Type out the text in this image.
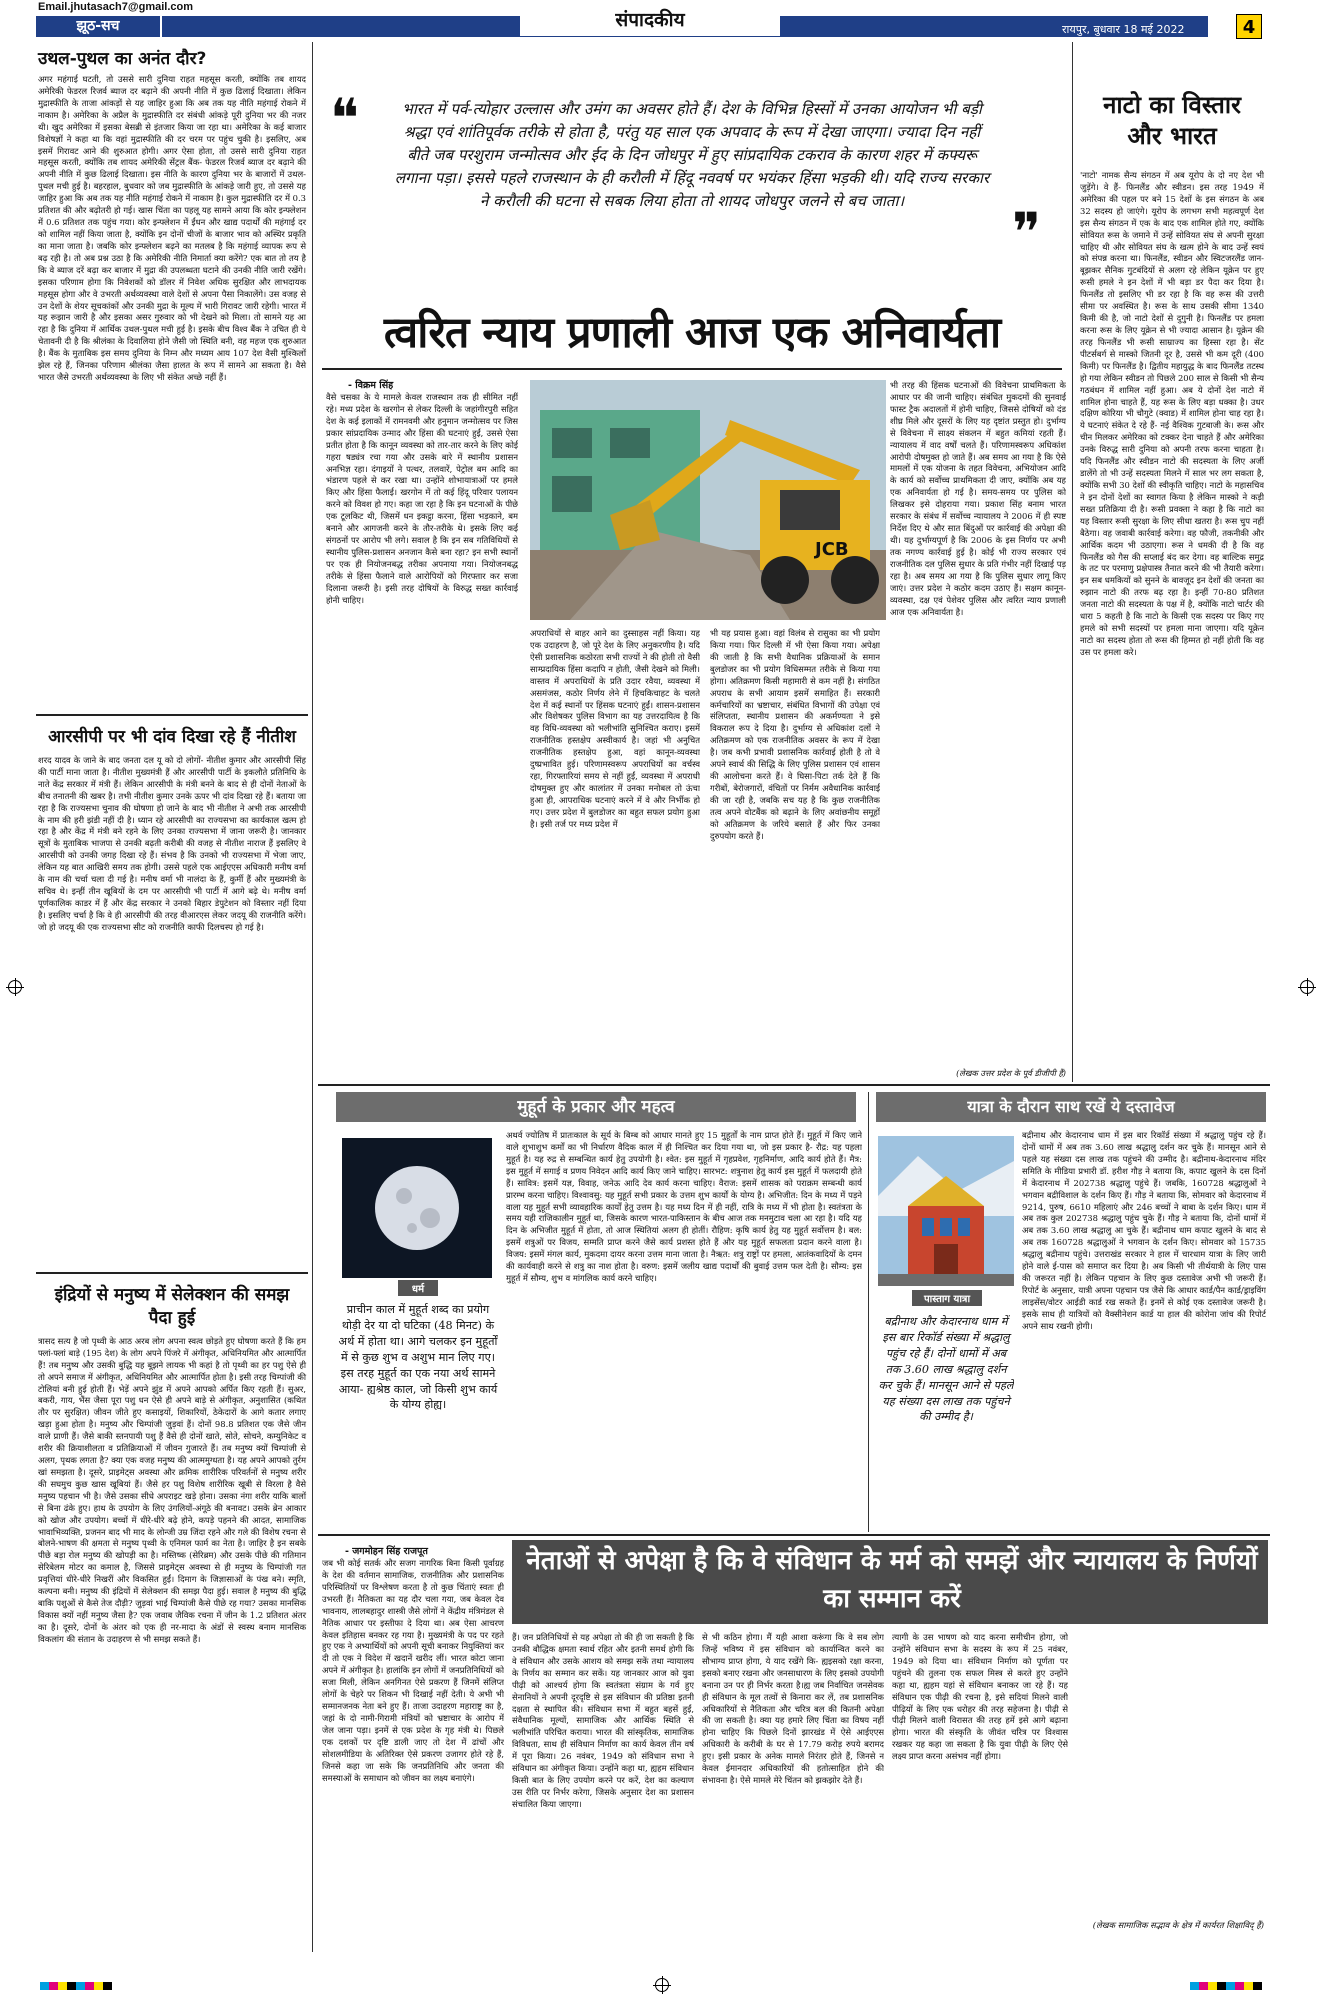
Email.jhutasach7@gmail.com
झूठ-सच	संपादकीय	रायपुर, बुधवार 18 मई 2022	4
उथल-पुथल का अनंत दौर?
अगर महंगाई घटती, तो उससे सारी दुनिया राहत महसूस करती, क्योंकि तब शायद अमेरिकी फेडरल रिजर्व ब्याज दर बढ़ाने की अपनी नीति में कुछ ढिलाई दिखाता। लेकिन मुद्रास्फीति के ताजा आंकड़ों से यह जाहिर हुआ कि अब तक यह नीति महंगाई रोकने में नाकाम है। अमेरिका के अप्रैल के मुद्रास्फीति दर संबंधी आंकड़े पूरी दुनिया भर की नजर थी। खुद अमेरिका में इसका बेसब्री से इंतजार किया जा रहा था। अमेरिका के कई बाजार विशेषज्ञों ने कहा था कि वहां मुद्रास्फीति की दर चरम पर पहुंच चुकी है। इसलिए, अब इसमें गिरावट आने की शुरुआत होगी। अगर ऐसा होता, तो उससे सारी दुनिया राहत महसूस करती, क्योंकि तब शायद अमेरिकी सेंट्रल बैंक- फेडरल रिजर्व ब्याज दर बढ़ाने की अपनी नीति में कुछ ढिलाई दिखाता। इस नीति के कारण दुनिया भर के बाजारों में उथल-पुथल मची हुई है। बहरहाल, बुधवार को जब मुद्रास्फीति के आंकड़े जारी हुए, तो उससे यह जाहिर हुआ कि अब तक यह नीति महंगाई रोकने में नाकाम है। कुल मुद्रास्फीति दर में 0.3 प्रतिशत की और बढ़ोतरी हो गई। खास चिंता का पहलू यह सामने आया कि कोर इन्फ्लेशन में 0.6 प्रतिशत तक पहुंच गया। कोर इन्फ्लेशन में ईंधन और खाद्य पदार्थों की महंगाई दर को शामिल नहीं किया जाता है, क्योंकि इन दोनों चीजों के बाजार भाव को अस्थिर प्रकृति का माना जाता है। जबकि कोर इन्फ्लेशन बढ़ने का मतलब है कि महंगाई व्यापक रूप से बढ़ रही है। तो अब प्रश्न उठा है कि अमेरिकी नीति निमार्ता क्या करेंगे? एक बात तो तय है कि वे ब्याज दरें बढ़ा कर बाजार में मुद्रा की उपलब्धता घटाने की उनकी नीति जारी रखेंगे। इसका परिणाम होगा कि निवेशकों को डॉलर में निवेश अधिक सुरक्षित और लाभदायक महसूस होगा और वे उभरती अर्थव्यवस्था वाले देशों से अपना पैसा निकालेंगे। उस वजह से उन देशों के शेयर सूचकांकों और उनकी मुद्रा के मूल्य में भारी गिरावट जारी रहेगी। भारत में यह रूझान जारी है और इसका असर गुरुवार को भी देखने को मिला। तो सामने यह आ रहा है कि दुनिया में आर्थिक उथल-पुथल मची हुई है। इसके बीच विश्व बैंक ने उचित ही ये चेतावनी दी है कि श्रीलंका के दिवालिया होने जैसी जो स्थिति बनी, वह महज एक शुरुआत है। बैंक के मुताबिक इस समय दुनिया के निम्न और मध्यम आय 107 देश वैसी मुश्किलों झेल रहे हैं, जिनका परिणाम श्रीलंका जैसा हालत के रूप में सामने आ सकता है। वैसे भारत जैसे उभरती अर्थव्यवस्था के लिए भी संकेत अच्छे नहीं हैं।
आरसीपी पर भी दांव दिखा रहे हैं नीतीश
शरद यादव के जाने के बाद जनता दल यू को दो लोगों- नीतीश कुमार और आरसीपी सिंह की पार्टी माना जाता है। नीतीश मुख्यमंत्री हैं और आरसीपी पार्टी के इकलौते प्रतिनिधि के नाते केंद्र सरकार में मंत्री हैं। लेकिन आरसीपी के मंत्री बनने के बाद से ही दोनों नेताओं के बीच तनातनी की खबर है। तभी नीतीश कुमार उनके ऊपर भी दांव दिखा रहे हैं। बताया जा रहा है कि राज्यसभा चुनाव की घोषणा हो जाने के बाद भी नीतीश ने अभी तक आरसीपी के नाम की हरी झंडी नहीं दी है। ध्यान रहे आरसीपी का राज्यसभा का कार्यकाल खत्म हो रहा है और केंद्र में मंत्री बने रहने के लिए उनका राज्यसभा में जाना जरूरी है। जानकार सूत्रों के मुताबिक भाजपा से उनकी बढ़ती करीबी की वजह से नीतीश नाराज हैं इसलिए वे आरसीपी को उनकी जगह दिखा रहे हैं। संभव है कि उनको भी राज्यसभा में भेजा जाए, लेकिन यह बात आखिरी समय तक होगी। उससे पहले एक आईएएस अधिकारी मनीष वर्मा के नाम की चर्चा चला दी गई है। मनीष वर्मा भी नालंदा के हैं, कुर्मी हैं और मुख्यमंत्री के सचिव थे। इन्हीं तीन खूबियों के दम पर आरसीपी भी पार्टी में आगे बढ़े थे। मनीष वर्मा पूर्णकालिक काडर में हैं और केंद्र सरकार ने उनको बिहार डेपुटेशन को विस्तार नहीं दिया है। इसलिए चर्चा है कि वे ही आरसीपी की तरह वीआरएस लेकर जदयू की राजनीति करेंगे। जो हो जदयू की एक राज्यसभा सीट को राजनीति काफी दिलचस्प हो गई है।
इंद्रियों से मनुष्य में सेलेक्शन की समझ पैदा हुई
त्रासद सत्य है जो पृथ्वी के आठ अरब लोग अपना स्वत्व छोड़ते हुए घोषणा करते हैं कि हम फ्लां-फ्लां बाड़े (195 देश) के लोग अपने पिंजरे में अंगीकृत, अधिनियमित और आत्मार्पित हैं! तब मनुष्य और उसकी बुद्धि यह बूझने लायक भी कहां है तो पृथ्वी का हर पशु ऐसे ही तो अपने समाज में अंगीकृत, अधिनियमित और आत्मार्पित होता है। इसी तरह चिम्पांजी की टोलियां बनी हुई होती हैं। भेड़ें अपने झुंड में अपने आपको अर्पित किए रहती हैं। सुअर, बकरी, गाय, भैंस जैसा पूरा पशु धन ऐसे ही अपने बाड़े से अंगीकृत, अनुशासित (कथित तौर पर सुरक्षित) जीवन जीते हुए कसाइयों, शिकारियों, ठेकेदारों के आगे कतार लगाए खड़ा हुआ होता है। मनुष्य और चिम्पांजी जुड़वां हैं। दोनों 98.8 प्रतिशत एक जैसे जीन वाले प्राणी हैं। जैसे बाकी स्तनपायी पशु हैं वैसे ही दोनों खाते, सोते, सोचने, कम्युनिकेट व शरीर की क्रियाशीलता व प्रतिक्रियाओं में जीवन गुजारते हैं। तब मनुष्य क्यों चिम्पांजी से अलग, पृथक लगता है? क्या एक वजह मनुष्य की आत्ममुग्धता है। यह अपने आपको तुर्रम खां समझता है। दूसरे, प्राइमेट्स अवस्था और क्रमिक शारीरिक परिवर्तनों से मनुष्य शरीर की सघमुच कुछ खास खूबियां हैं। जैसे हर पशु विशेष शारीरिक खूबी से विरला है वैसे मनुष्य पहचान भी है। जैसे उसका सीधे अपराइट खड़े होना। उसका नंगा शरीर याकि बालों से बिना ढंके हुए। हाथ के उपयोग के लिए उंगलियों-अंगूठे की बनावट। उसके ब्रेन आकार को खोज और उपयोग। बच्चों में धीरे-धीरे बढ़े होने, कपड़े पहनने की आदत, सामाजिक भावाभिव्यक्ति, प्रजनन बाद भी माद के लोन्जी उम्र जिंदा रहने और गले की विशेष रचना से बोलने-भाषण की क्षमता से मनुष्य पृथ्वी के एनिमल फार्म का नेता है। जाहिर है इन सबके पीछे बड़ा रोल मनुष्य की खोपड़ी का है। मस्तिष्क (सेरिब्रम) और उसके पीछे की गतिमान सेरिबेलम मोटर का कमाल है, जिससे प्राइमेट्स अवस्था से ही मनुष्य के चिम्पांजी गत प्रवृत्तियां धीरे-धीरे निखरीं और विकसित हुईं। दिमाग के जिज्ञासाओं के पंख बने। स्मृति, कल्पना बनी। मनुष्य की इंद्रियों में सेलेक्शन की समझ पैदा हुई। सवाल है मनुष्य की बुद्धि बाकि पशुओं से कैसे तेज दौड़ी? जुड़वां भाई चिम्पांजी कैसे पीछे रह गया? उसका मानसिक विकास क्यों नहीं मनुष्य जैसा है? एक जवाब जैविक रचना में जीन के 1.2 प्रतिशत अंतर का है। दूसरे, दोनों के अंतर को एक ही नर-मादा के अंडों से स्वस्थ बनाम मानसिक विकलांग की संतान के उदाहरण से भी समझ सकते हैं।
❝	भारत में पर्व-त्योहार उल्लास और उमंग का अवसर होते हैं। देश के विभिन्न हिस्सों में उनका आयोजन भी बड़ी श्रद्धा एवं शांतिपूर्वक तरीके से होता है, परंतु यह साल एक अपवाद के रूप में देखा जाएगा। ज्यादा दिन नहीं बीते जब परशुराम जन्मोत्सव और ईद के दिन जोधपुर में हुए सांप्रदायिक टकराव के कारण शहर में कफ्यरू लगाना पड़ा। इससे पहले राजस्थान के ही करौली में हिंदू नववर्ष पर भयंकर हिंसा भड़की थी। यदि राज्य सरकार ने करौली की घटना से सबक लिया होता तो शायद जोधपुर जलने से बच जाता।	❞
नाटो का विस्तार और भारत
'नाटो' नामक सैन्य संगठन में अब यूरोप के दो नए देश भी जुड़ेंगे। वे हैं- फिनलैंड और स्वीडन। इस तरह 1949 में अमेरिका की पहल पर बने 15 देशों के इस संगठन के अब 32 सदस्य हो जाएंगे। यूरोप के लगभग सभी महत्वपूर्ण देश इस सैन्य संगठन में एक के बाद एक शामिल होते गए, क्योंकि सोवियत रूस के जमाने में उन्हें सोवियत संघ से अपनी सुरक्षा चाहिए थी और सोवियत संघ के खत्म होने के बाद उन्हें स्वयं को संपन्न करना था। फिनलैंड, स्वीडन और स्विटजरलैंड जान-बूझकर सैनिक गुटबंदियों से अलग रहे लेकिन यूक्रेन पर हुए रूसी हमले ने इन देशों में भी बड़ा डर पैदा कर दिया है। फिनलैंड तो इसलिए भी डर रहा है कि वह रूस की उत्तरी सीमा पर अवस्थित है। रूस के साथ उसकी सीमा 1340 किमी की है, जो नाटो देशों से दुगुनी है। फिनलैंड पर हमला करना रूस के लिए यूक्रेन से भी ज्यादा आसान है। यूक्रेन की तरह फिनलैंड भी रूसी साम्राज्य का हिस्सा रहा है। सेंट पीटर्सबर्ग से मास्को जितनी दूर है, उससे भी कम दूरी (400 किमी) पर फिनलैंड है। द्वितीय महायुद्ध के बाद फिनलैंड तटस्थ हो गया लेकिन स्वीडन तो पिछले 200 साल से किसी भी सैन्य गठबंधन में शामिल नहीं हुआ। अब ये दोनों देश नाटो में शामिल होना चाहते हैं, यह रूस के लिए बड़ा धक्का है। उधर दक्षिण कोरिया भी चौगुटे (क्वाड) में शामिल होना चाह रहा है। ये घटनाएं संकेत दे रहे हैं- नई वैश्विक गुटबाजी के। रूस और चीन मिलकर अमेरिका को टक्कर देना चाहते हैं और अमेरिका उनके विरुद्ध सारी दुनिया को अपनी तरफ करना चाहता है। यदि फिनलैंड और स्वीडन नाटो की सदस्यता के लिए अर्जी डालेंगे तो भी उन्हें सदस्यता मिलने में साल भर लग सकता है, क्योंकि सभी 30 देशों की स्वीकृति चाहिए। नाटो के महासचिव ने इन दोनों देशों का स्वागत किया है लेकिन मास्को ने कड़ी सख्त प्रतिक्रिया दी है। रूसी प्रवक्ता ने कहा है कि नाटो का यह विस्तार रूसी सुरक्षा के लिए सीधा खतरा है। रूस चुप नहीं बैठेगा। वह जवाबी कार्रवाई करेगा। वह फौजी, तकनीकी और आर्थिक कदम भी उठाएगा। रूस ने धमकी दी है कि वह फिनलैंड को गैस की सप्लाई बंद कर देगा। वह बाल्टिक समुद्र के तट पर परमाणु प्रक्षेपास्त्र तैनात करने की भी तैयारी करेगा। इन सब धमकियों को सुनने के बावजूद इन देशों की जनता का रुझान नाटो की तरफ बढ़ रहा है। इन्हीं 70-80 प्रतिशत जनता नाटो की सदस्यता के पक्ष में है, क्योंकि नाटो चार्टर की धारा 5 कहती है कि नाटो के किसी एक सदस्य पर किए गए हमले को सभी सदस्यों पर हमला माना जाएगा। यदि यूक्रेन नाटो का सदस्य होता तो रूस की हिम्मत हो नहीं होती कि वह उस पर हमला करे।
त्वरित न्याय प्रणाली आज एक अनिवार्यता
- विक्रम सिंह
वैसे चसका के ये मामले केवल राजस्थान तक ही सीमित नहीं रहे। मध्य प्रदेश के खरगोन से लेकर दिल्ली के जहांगीरपुरी सहित देश के कई इलाकों में रामनवमी और हनुमान जन्मोत्सव पर जिस प्रकार सांप्रदायिक उन्माद और हिंसा की घटनाएं हुईं, उससे ऐसा प्रतीत होता है कि कानून व्यवस्था को तार-तार करने के लिए कोई गहरा षड्यंत्र रचा गया और उसके बारे में स्थानीय प्रशासन अनभिज्ञ रहा। दंगाइयों ने पत्थर, तलवारें, पेट्रोल बम आदि का भंडारण पहले से कर रखा था। उन्होंने शोभायात्राओं पर हमले किए और हिंसा फैलाई। खरगोन में तो कई हिंदू परिवार पलायन करने को विवश हो गए। कहा जा रहा है कि इन घटनाओं के पीछे एक टूलकिट थी, जिसमें धन इकट्ठा करना, हिंसा भड़काने, बम बनाने और आगजनी करने के तौर-तरीके थे। इसके लिए कई संगठनों पर आरोप भी लगे। सवाल है कि इन सब गतिविधियों से स्थानीय पुलिस-प्रशासन अनजान कैसे बना रहा? इन सभी स्थानों पर एक ही नियोजनबद्ध तरीका अपनाया गया। नियोजनबद्ध तरीके से हिंसा फैलाने वाले आरोपियों को गिरफ्तार कर सजा दिलाना जरूरी है। इसी तरह दोषियों के विरुद्ध सख्त कार्रवाई होनी चाहिए।
JCB
अपराधियों से बाहर आने का दुस्साहस नहीं किया। यह एक उदाहरण है, जो पूरे देश के लिए अनुकरणीय है। यदि ऐसी प्रशासनिक कठोरता सभी राज्यों ने की होती तो वैसी साम्प्रदायिक हिंसा कदापि न होती, जैसी देखने को मिली। वास्तव में अपराधियों के प्रति उदार रवैया, व्यवस्था में असमंजस, कठोर निर्णय लेने में हिचकिचाहट के चलते देश में कई स्थानों पर हिंसक घटनाएं हुईं। शासन-प्रशासन और विशेषकर पुलिस विभाग का यह उत्तरदायित्व है कि वह विधि-व्यवस्था को भलीभांति सुनिश्चित कराए। इसमें राजनीतिक हस्तक्षेप अस्वीकार्य है। जहां भी अनुचित राजनीतिक हस्तक्षेप हुआ, वहां कानून-व्यवस्था दुष्प्रभावित हुई। परिणामस्वरूप अपराधियों का वर्चस्व रहा, गिरफ्तारियां समय से नहीं हुईं, व्यवस्था में अपराधी दोषमुक्त हुए और कालांतर में उनका मनोबल तो ऊंचा हुआ ही, आपराधिक घटनाएं करने में वे और निर्भीक हो गए। उत्तर प्रदेश में बुलडोजर का बहुत सफल प्रयोग हुआ है। इसी तर्ज पर मध्य प्रदेश में
भी यह प्रयास हुआ। वहां विलंब से रासुका का भी प्रयोग किया गया। फिर दिल्ली में भी ऐसा किया गया। अपेक्षा की जाती है कि सभी वैधानिक प्रक्रियाओं के समान बुलडोजर का भी प्रयोग विधिसम्मत तरीके से किया गया होगा। अतिक्रमण किसी महामारी से कम नहीं है। संगठित अपराध के सभी आयाम इसमें समाहित हैं। सरकारी कर्मचारियों का भ्रष्टाचार, संबंधित विभागों की उपेक्षा एवं संलिप्तता, स्थानीय प्रशासन की अकर्मण्यता ने इसे विकराल रूप दे दिया है। दुर्भाग्य से अधिकांश दलों ने अतिक्रमण को एक राजनीतिक अवसर के रूप में देखा है। जब कभी प्रभावी प्रशासनिक कार्रवाई होती है तो वे अपने स्वार्थ की सिद्धि के लिए पुलिस प्रशासन एवं शासन की आलोचना करते हैं। वे घिसा-पिटा तर्क देते हैं कि गरीबों, बेरोजगारों, वंचितों पर निर्मम अवैधानिक कार्रवाई की जा रही है, जबकि सच यह है कि कुछ राजनीतिक तत्व अपने वोटबैंक को बढ़ाने के लिए अवांछनीय समूहों को अतिक्रमण के जरिये बसाते हैं और फिर उनका दुरुपयोग करते हैं।
भी तरह की हिंसक घटनाओं की विवेचना प्राथमिकता के आधार पर की जानी चाहिए। संबंधित मुकदमों की सुनवाई फास्ट ट्रैक अदालतों में होनी चाहिए, जिससे दोषियों को दंड शीघ्र मिले और दूसरों के लिए यह दृष्टांत प्रस्तुत हो। दुर्भाग्य से विवेचना में साक्ष्य संकलन में बहुत कमियां रहती हैं। न्यायालय में वाद वर्षों चलते हैं। परिणामस्वरूप अधिकांश आरोपी दोषमुक्त हो जाते हैं। अब समय आ गया है कि ऐसे मामलों में एक योजना के तहत विवेचना, अभियोजन आदि के कार्य को सर्वोच्च प्राथमिकता दी जाए, क्योंकि अब यह एक अनिवार्यता हो गई है। समय-समय पर पुलिस को लिखकर इसे दोहराया गया। प्रकाश सिंह बनाम भारत सरकार के संबंध में सर्वोच्च न्यायालय ने 2006 में ही स्पष्ट निर्देश दिए थे और सात बिंदुओं पर कार्रवाई की अपेक्षा की थी। यह दुर्भाग्यपूर्ण है कि 2006 के इस निर्णय पर अभी तक नगण्य कार्रवाई हुई है। कोई भी राज्य सरकार एवं राजनीतिक दल पुलिस सुधार के प्रति गंभीर नहीं दिखाई पड़ रहा है। अब समय आ गया है कि पुलिस सुधार लागू किए जाएं। उत्तर प्रदेश ने कठोर कदम उठाए हैं। सक्षम कानून-व्यवस्था, दक्ष एवं पेशेवर पुलिस और त्वरित न्याय प्रणाली आज एक अनिवार्यता है।
(लेखक उत्तर प्रदेश के पूर्व डीजीपी हैं)
मुहूर्त के प्रकार और महत्व
धर्म
प्राचीन काल में मुहूर्त शब्द का प्रयोग थोड़ी देर या दो घटिका (48 मिनट) के अर्थ में होता था। आगे चलकर इन मुहूर्तों में से कुछ शुभ व अशुभ मान लिए गए। इस तरह मुहूर्त का एक नया अर्थ सामने आया- ह्यश्रेष्ठ काल, जो किसी शुभ कार्य के योग्य होह्य।
अथर्व ज्योतिष में प्रातःकाल के सूर्य के बिम्ब को आधार मानते हुए 15 मुहूर्तों के नाम प्राप्त होते हैं। मुहूर्त में किए जाने वाले शुभाशुभ कर्मों का भी निर्धारण वैदिक काल में ही निश्चित कर दिया गया था, जो इस प्रकार है- रौद्र: यह पहला मुहूर्त है। यह रुद्र से सम्बन्धित कार्य हेतु उपयोगी है। श्वेत: इस मुहूर्त में गृहप्रवेश, गृहनिर्माण, आदि कार्य होते हैं। मैत्र: इस मुहूर्त में सगाई व प्रणय निवेदन आदि कार्य किए जाने चाहिए। सारभट: शत्रुनाश हेतु कार्य इस मुहूर्त में फलदायी होते हैं। सावित्र: इसमें यज्ञ, विवाह, जनेऊ आदि देव कार्य करना चाहिए। वैराज: इसमें शासक को पराक्रम सम्बन्धी कार्य प्रारम्भ करना चाहिए। विश्वावसु: यह मुहूर्त सभी प्रकार के उत्तम शुभ कार्यों के योग्य है। अभिजीत: दिन के मध्य में पड़ने वाला यह मुहूर्त सभी व्यावहारिक कार्यों हेतु उत्तम है। यह मध्य दिन में ही नहीं, रात्रि के मध्य में भी होता है। स्वतंत्रता के समय यही राजिकालीन मुहूर्त था, जिसके कारण भारत-पाकिस्तान के बीच आज तक मनमुटाव चला आ रहा है। यदि यह दिन के अभिजीत मुहूर्त में होता, तो आज स्थितियां अलग ही होतीं। रौहिण: कृषि कार्य हेतु यह मुहूर्त सर्वोत्तम है। बल: इसमें शत्रुओं पर विजय, सम्मति प्राप्त करने जैसे कार्य प्रशस्त होते हैं और यह मुहूर्त सफलता प्रदान करने वाला है। विजय: इसमें मंगल कार्य, मुकदमा दायर करना उत्तम माना जाता है। नैऋत: शत्रु राष्ट्रों पर हमला, आतंकवादियों के दमन की कार्यवाही करने से शत्रु का नाश होता है। वरुण: इसमें जलीय खाद्य पदार्थों की बुवाई उत्तम फल देती है। सौम्य: इस मुहूर्त में सौम्य, शुभ व मांगलिक कार्य करने चाहिए।
यात्रा के दौरान साथ रखें ये दस्तावेज
पास्ताग यात्रा
बद्रीनाथ और केदारनाथ धाम में इस बार रिकॉर्ड संख्या में श्रद्धालु पहुंच रहे हैं। दोनों धामों में अब तक 3.60 लाख श्रद्धालु दर्शन कर चुके हैं। मानसून आने से पहले यह संख्या दस लाख तक पहुंचने की उम्मीद है।
बद्रीनाथ और केदारनाथ धाम में इस बार रिकॉर्ड संख्या में श्रद्धालु पहुंच रहे हैं। दोनों धामों में अब तक 3.60 लाख श्रद्धालु दर्शन कर चुके हैं। मानसून आने से पहले यह संख्या दस लाख तक पहुंचने की उम्मीद है। बद्रीनाथ-केदारनाथ मंदिर समिति के मीडिया प्रभारी डॉ. हरीश गौड़ ने बताया कि, कपाट खुलने के दस दिनों में केदारनाथ में 202738 श्रद्धालु पहुंचे हैं। जबकि, 160728 श्रद्धालुओं ने भगवान बद्रीविशाल के दर्शन किए हैं। गौड़ ने बताया कि, सोमवार को केदारनाथ में 9214, पुरुष, 6610 महिलाएं और 246 बच्चों ने बाबा के दर्शन किए। धाम में अब तक कुल 202738 श्रद्धालु पहुंच चुके हैं। गौड़ ने बताया कि, दोनों धामों में अब तक 3.60 लाख श्रद्धालु आ चुके हैं। बद्रीनाथ धाम कपाट खुलने के बाद से अब तक 160728 श्रद्धालुओं ने भगवान के दर्शन किए। सोमवार को 15735 श्रद्धालु बद्रीनाथ पहुंचे। उत्तराखंड सरकार ने हाल में चारधाम यात्रा के लिए जारी होने वाले ई-पास को समाप्त कर दिया है। अब किसी भी तीर्थयात्री के लिए पास की जरूरत नहीं है। लेकिन पहचान के लिए कुछ दस्तावेज अभी भी जरूरी हैं। रिपोर्ट के अनुसार, यात्री अपना पहचान पत्र जैसे कि आधार कार्ड/पैन कार्ड/ड्राइविंग लाइसेंस/वोटर आईडी कार्ड रख सकते हैं। इनमें से कोई एक दस्तावेज जरूरी है। इसके साथ ही यात्रियों को वैक्सीनेशन कार्ड या हाल की कोरोना जांच की रिपोर्ट अपने साथ रखनी होगी।
- जगमोहन सिंह राजपूत
जब भी कोई सतर्क और सजग नागरिक बिना किसी पूर्वाग्रह के देश की वर्तमान सामाजिक, राजनीतिक और प्रशासनिक परिस्थितियों पर विश्लेषण करता है तो कुछ चिंताएं स्वतः ही उभरती हैं। नैतिकता का यह दौर चला गया, जब केवल देव भावनाय, लालबहादुर शास्त्री जैसे लोगों ने केंद्रीय मंत्रिमंडल से नैतिक आधार पर इस्तीफा दे दिया था। अब ऐसा आचरण केवल इतिहास बनकर रह गया है। मुख्यमंत्री के पद पर रहते हुए एक ने अभ्यार्थियों को अपनी सूची बनाकर नियुक्तियां कर दी तो एक ने विदेश में खदानें खरीद लीं। भारत कोटा जाना अपने में अंगीकृत है। हालांकि इन लोगों में जनप्रतिनिधियों को सजा मिली, लेकिन अनगिनत ऐसे प्रकरण हैं जिनमें संलिप्त लोगों के चेहरे पर शिकन भी दिखाई नहीं देती। ये अभी भी सम्मानजनक नेता बने हुए हैं। ताजा उदाहरण महाराष्ट्र का है, जहां के दो नामी-गिरामी मंत्रियों को भ्रष्टाचार के आरोप में जेल जाना पड़ा। इनमें से एक प्रदेश के गृह मंत्री थे। पिछले एक दशकों पर दृष्टि डाली जाए तो देश में ढांचों और सोशलमीडिया के अतिरिक्त ऐसे प्रकरण उजागर होते रहे हैं, जिनसे कहा जा सके कि जनप्रतिनिधि और जनता की समस्याओं के समाधान को जीवन का लक्ष्य बनाएंगे।
नेताओं से अपेक्षा है कि वे संविधान के मर्म को समझें और न्यायालय के निर्णयों का सम्मान करें
हैं। जन प्रतिनिधियों से यह अपेक्षा तो की ही जा सकती है कि उनकी बौद्धिक क्षमता स्वार्थ रहित और इतनी समर्थ होगी कि वे संविधान और उसके आशय को समझ सकें तथा न्यायालय के निर्णय का सम्मान कर सकें। यह जानकार आज को युवा पीढ़ी को आश्चर्य होगा कि स्वतंत्रता संग्राम के गर्व हुए सेनानियों ने अपनी दूरदृष्टि से इस संविधान की प्रतिष्ठा इतनी दक्षता से स्थापित की। संविधान सभा में बहुत बहसें हुईं, संवैधानिक मूल्यों, सामाजिक और आर्थिक स्थिति से भलीभांति परिचित कराया। भारत की सांस्कृतिक, सामाजिक विविधता, साथ ही संविधान निर्माण का कार्य केवल तीन वर्ष में पूरा किया। 26 नवंबर, 1949 को संविधान सभा ने संविधान का अंगीकृत किया। उन्होंने कहा था, ह्यहम संविधान किसी बात के लिए उपयोग करने पर करें, देश का कल्याण उस रीति पर निर्भर करेगा, जिसके अनुसार देश का प्रशासन संचालित किया जाएगा।
से भी कठिन होगा। मैं यही आशा करूंगा कि वे सब लोग जिन्हें भविष्य में इस संविधान को कार्यान्वित करने का सौभाग्य प्राप्त होगा, ये याद रखेंगे कि- ह्यइसको रक्षा करना, इसको बनाए रखना और जनसाधारण के लिए इसको उपयोगी बनाना उन पर ही निर्भर करता है।ह्य जब निर्वाचित जनसेवक ही संविधान के मूल तत्वों से किनारा कर लें, तब प्रशासनिक अधिकारियों से नैतिकता और चरित्र बल की कितनी अपेक्षा की जा सकती है। क्या यह हमारे लिए चिंता का विषय नहीं होना चाहिए कि पिछले दिनों झारखंड में ऐसे आईएएस अधिकारी के करीबी के घर से 17.79 करोड़ रुपये बरामद हुए। इसी प्रकार के अनेक मामले निरंतर होते हैं, जिनसे न केवल ईमानदार अधिकारियों की हतोत्साहित होने की संभावना है। ऐसे मामले मेरे चिंतन को झकझोर देते हैं।
त्यागी के उस भाषण को याद करना समीचीन होगा, जो उन्होंने संविधान सभा के सदस्य के रूप में 25 नवंबर, 1949 को दिया था। संविधान निर्माण को पूर्णता पर पहुंचने की तुलना एक सफल मिस्त्र से करते हुए उन्होंने कहा था, ह्यहम यहां से संविधान बनाकर जा रहे हैं। यह संविधान एक पीढ़ी की रचना है, इसे सदियां मिलने वाली पीढ़ियों के लिए एक धरोहर की तरह सहेजना है। पीढ़ी से पीढ़ी मिलने वाली विरासत की तरह हमें इसे आगे बढ़ाना होगा। भारत की संस्कृति के जीवंत चरित्र पर विश्वास रखकर यह कहा जा सकता है कि युवा पीढ़ी के लिए ऐसे लक्ष्य प्राप्त करना असंभव नहीं होगा।
(लेखक सामाजिक सद्भाव के क्षेत्र में कार्यरत शिक्षाविद् हैं)
